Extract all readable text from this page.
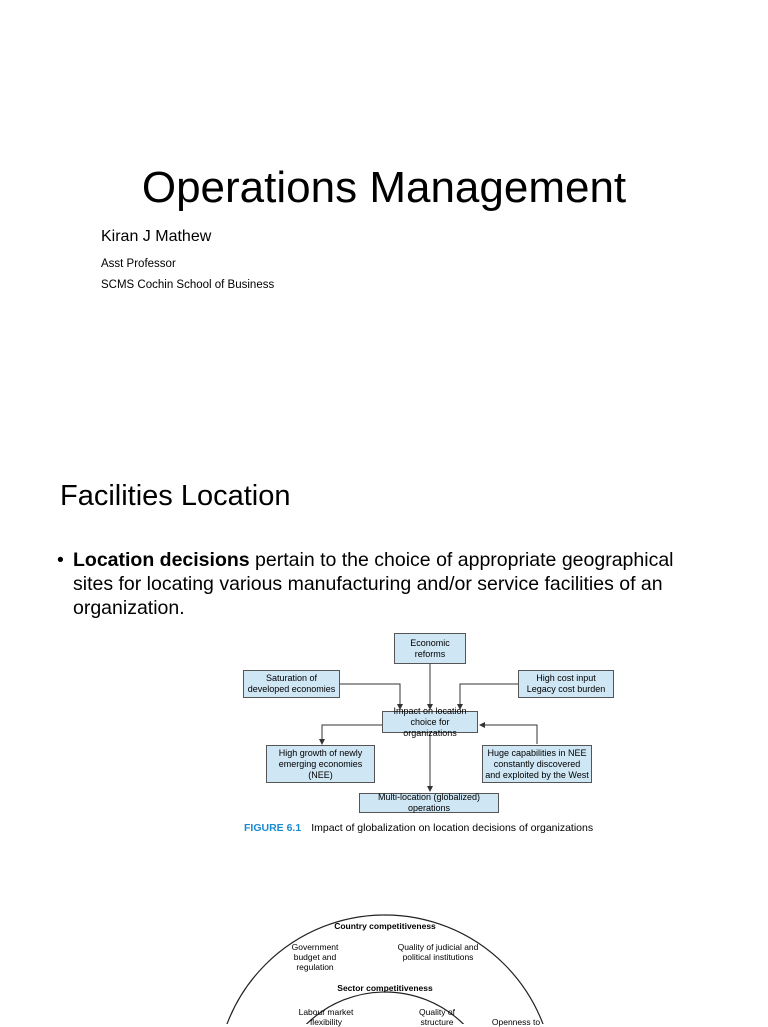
Operations Management
Kiran J Mathew
Asst Professor
SCMS Cochin School of Business
Facilities Location
• Location decisions pertain to the choice of appropriate geographical sites for locating various manufacturing and/or service facilities of an organization.
Economic reforms
Saturation of developed economies
High cost input Legacy cost burden
Impact on location choice for organizations
High growth of newly emerging economies (NEE)
Huge capabilities in NEE constantly discovered and exploited by the West
Multi-location (globalized) operations
FIGURE 6.1 Impact of globalization on location decisions of organizations
Country competitiveness
Government budget and regulation
Quality of judicial and political institutions
Sector competitiveness
Labour market flexibility
Quality of structure	Openness to
